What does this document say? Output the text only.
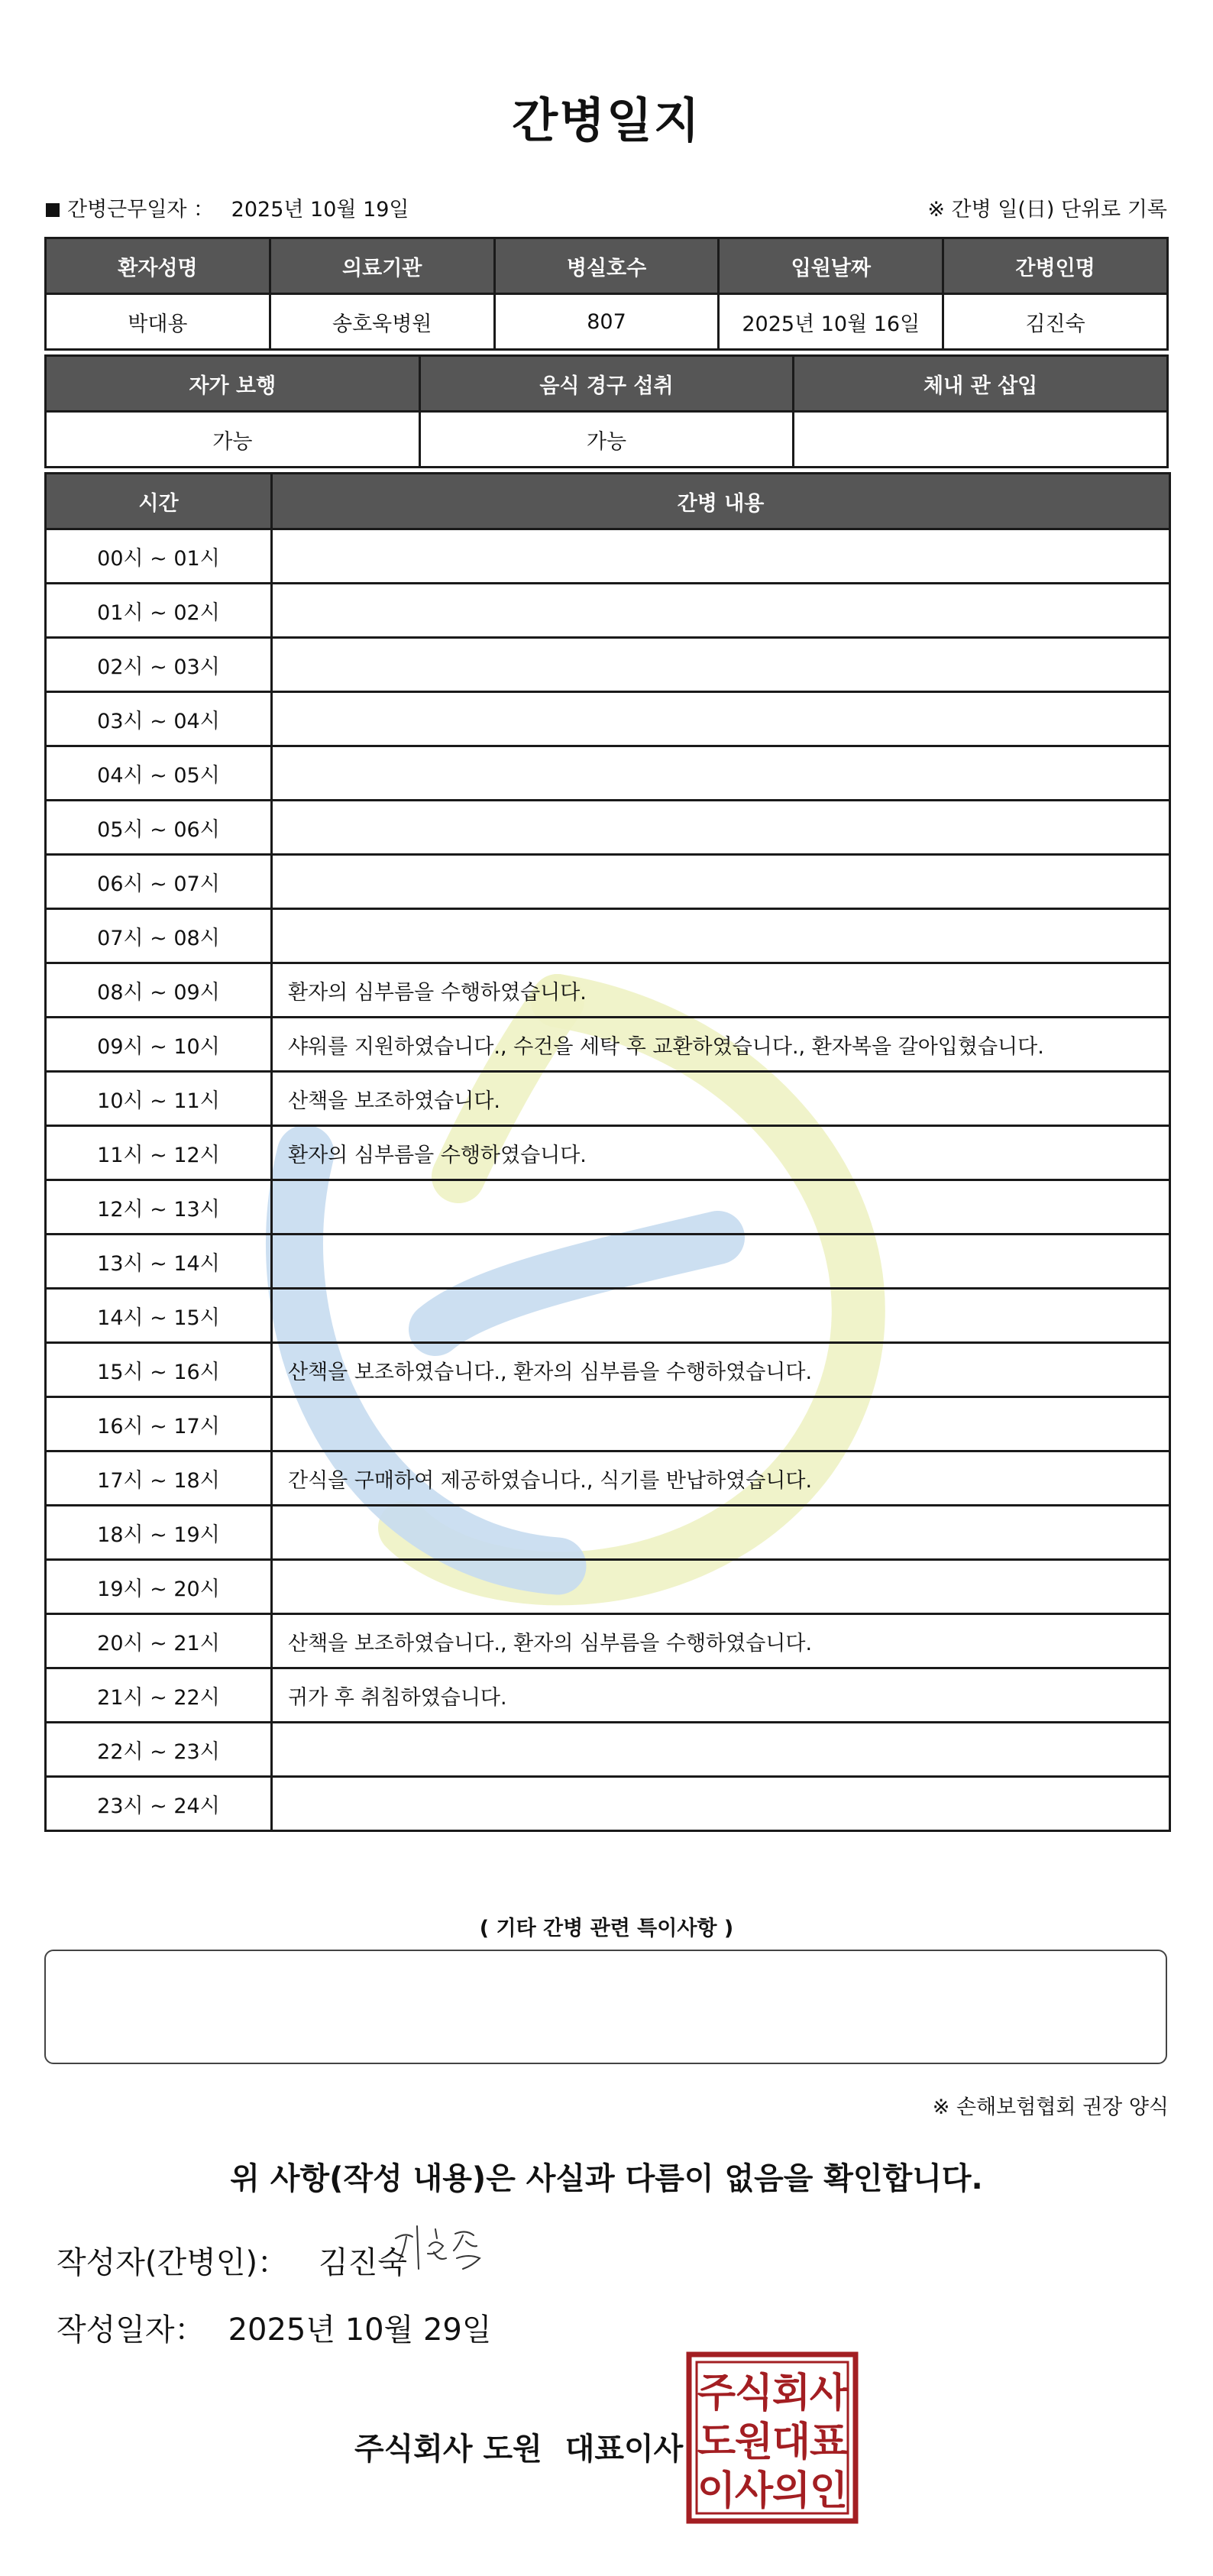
간병일지
간병근무일자 ： 2025년 10월 19일	※ 간병 일(日) 단위로 기록
환자성명	의료기관	병실호수	입원날짜	간병인명
박대용	송호욱병원	807	2025년 10월 16일	김진숙
자가 보행	음식 경구 섭취	체내 관 삽입
가능	가능	
시간	간병 내용
00시 ~ 01시	
01시 ~ 02시	
02시 ~ 03시	
03시 ~ 04시	
04시 ~ 05시	
05시 ~ 06시	
06시 ~ 07시	
07시 ~ 08시	
08시 ~ 09시	환자의 심부름을 수행하였습니다.
09시 ~ 10시	샤워를 지원하였습니다., 수건을 세탁 후 교환하였습니다., 환자복을 갈아입혔습니다.
10시 ~ 11시	산책을 보조하였습니다.
11시 ~ 12시	환자의 심부름을 수행하였습니다.
12시 ~ 13시	
13시 ~ 14시	
14시 ~ 15시	
15시 ~ 16시	산책을 보조하였습니다., 환자의 심부름을 수행하였습니다.
16시 ~ 17시	
17시 ~ 18시	간식을 구매하여 제공하였습니다., 식기를 반납하였습니다.
18시 ~ 19시	
19시 ~ 20시	
20시 ~ 21시	산책을 보조하였습니다., 환자의 심부름을 수행하였습니다.
21시 ~ 22시	귀가 후 취침하였습니다.
22시 ~ 23시	
23시 ~ 24시	
( 기타 간병 관련 특이사항 )
※ 손해보험협회 권장 양식
위 사항(작성 내용)은 사실과 다름이 없음을 확인합니다.
작성자(간병인)： 김진숙
작성일자： 2025년 10월 29일
주식회사 도원 대표이사
주
식
회
사
도
원
대
표
이
사
의
인
